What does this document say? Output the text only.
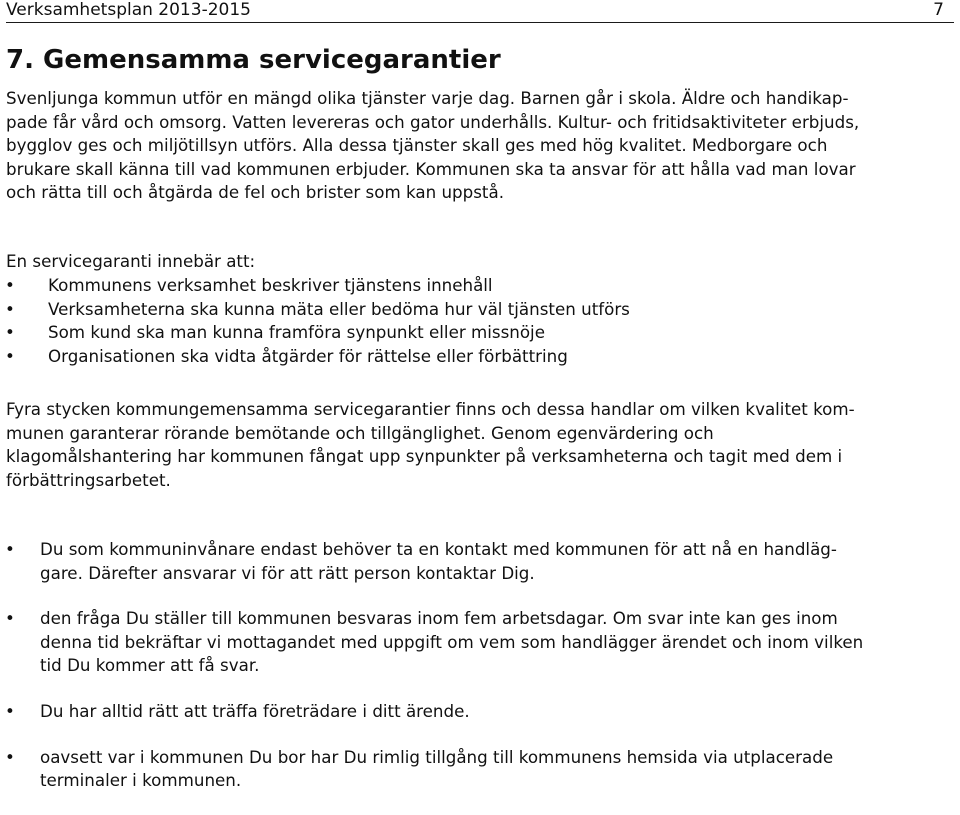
Verksamhetsplan 2013-2015	7
7. Gemensamma servicegarantier

Svenljunga kommun utför en mängd olika tjänster varje dag. Barnen går i skola. Äldre och handikap-
pade får vård och omsorg. Vatten levereras och gator underhålls. Kultur- och fritidsaktiviteter erbjuds,
bygglov ges och miljötillsyn utförs. Alla dessa tjänster skall ges med hög kvalitet. Medborgare och
brukare skall känna till vad kommunen erbjuder. Kommunen ska ta ansvar för att hålla vad man lovar
och rätta till och åtgärda de fel och brister som kan uppstå.

En servicegaranti innebär att:

• Kommunens verksamhet beskriver tjänstens innehåll
• Verksamheterna ska kunna mäta eller bedöma hur väl tjänsten utförs
• Som kund ska man kunna framföra synpunkt eller missnöje
• Organisationen ska vidta åtgärder för rättelse eller förbättring

Fyra stycken kommungemensamma servicegarantier finns och dessa handlar om vilken kvalitet kom-
munen garanterar rörande bemötande och tillgänglighet. Genom egenvärdering och
klagomålshantering har kommunen fångat upp synpunkter på verksamheterna och tagit med dem i
förbättringsarbetet.

• Du som kommuninvånare endast behöver ta en kontakt med kommunen för att nå en handläg-
gare. Därefter ansvarar vi för att rätt person kontaktar Dig.
• den fråga Du ställer till kommunen besvaras inom fem arbetsdagar. Om svar inte kan ges inom
denna tid bekräftar vi mottagandet med uppgift om vem som handlägger ärendet och inom vilken
tid Du kommer att få svar.
• Du har alltid rätt att träffa företrädare i ditt ärende.
• oavsett var i kommunen Du bor har Du rimlig tillgång till kommunens hemsida via utplacerade
terminaler i kommunen.
